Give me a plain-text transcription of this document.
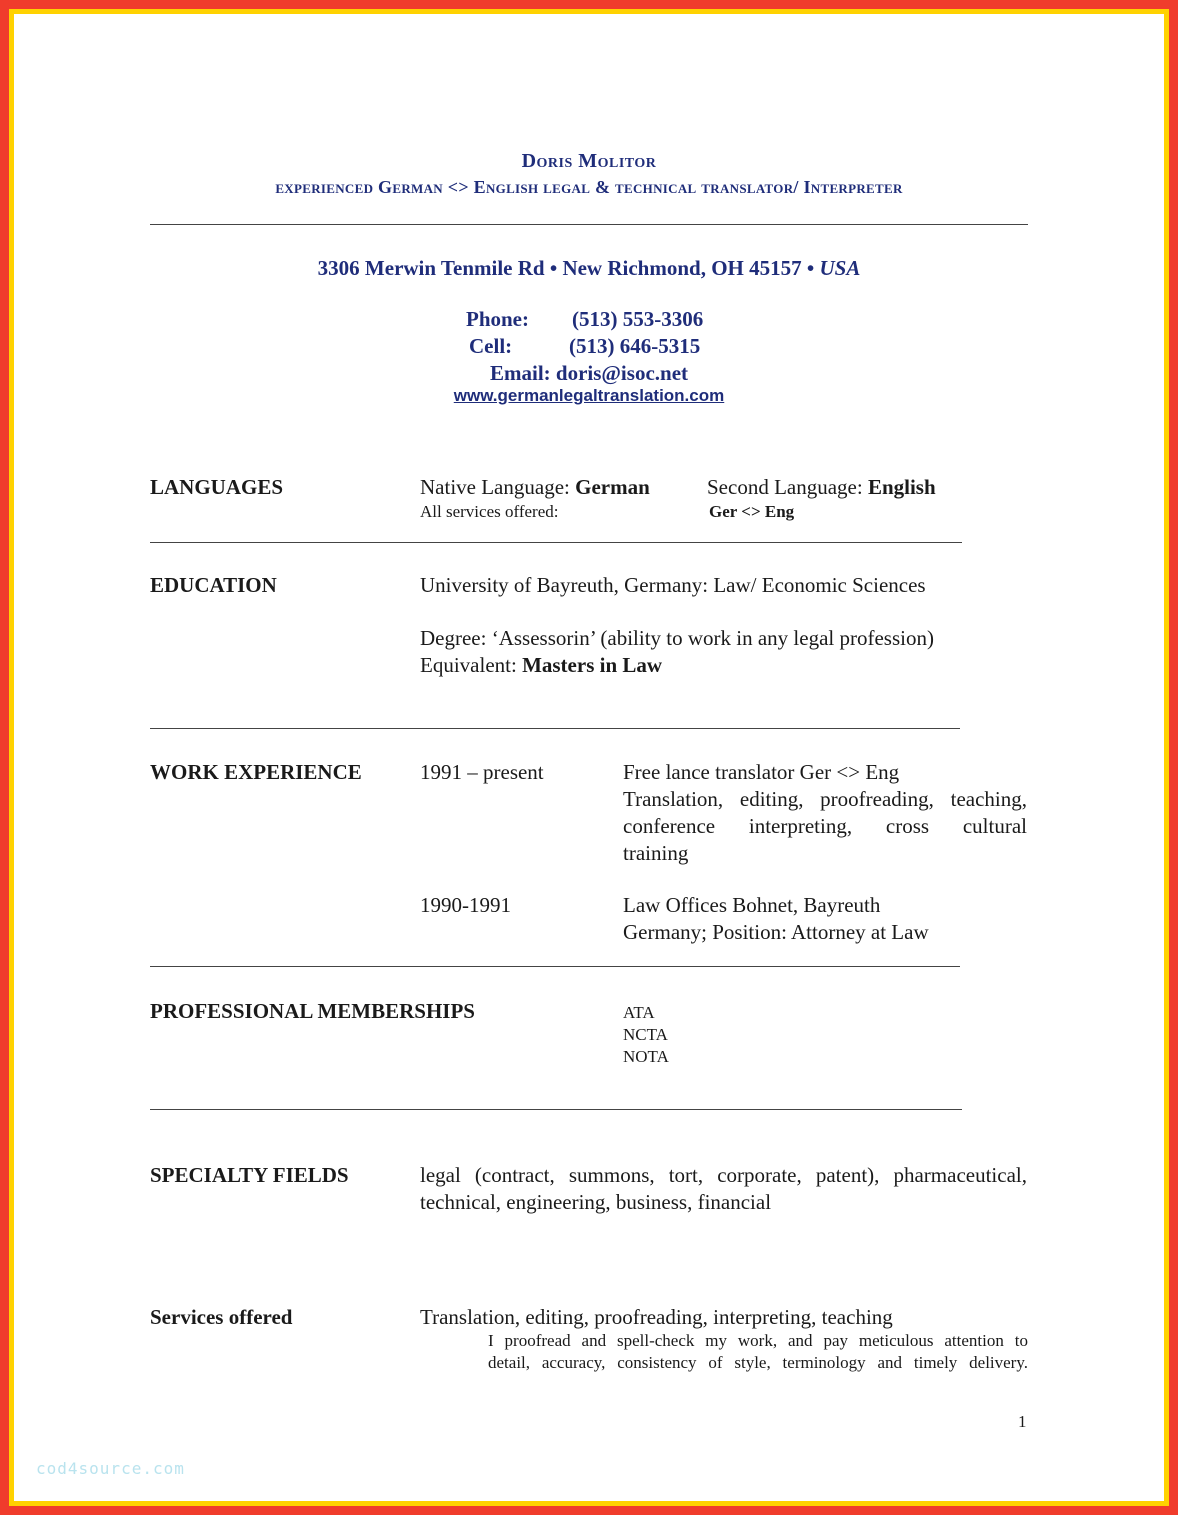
Doris Molitor
experienced German <> English legal & technical translator/ Interpreter
3306 Merwin Tenmile Rd • New Richmond, OH 45157 • USA
Phone: (513) 553-3306
Cell:	(513) 646-5315
Email: doris@isoc.net
www.germanlegaltranslation.com
LANGUAGES	Native Language: German	Second Language: English
All services offered:	Ger <> Eng
EDUCATION	University of Bayreuth, Germany: Law/ Economic Sciences
Degree: ‘Assessorin’ (ability to work in any legal profession)
Equivalent: Masters in Law
WORK EXPERIENCE	1991 – present	Free lance translator Ger <> Eng
Translation, editing, proofreading, teaching,
conference interpreting, cross cultural
training
1990-1991	Law Offices Bohnet, Bayreuth
Germany; Position: Attorney at Law
PROFESSIONAL MEMBERSHIPS	ATA
NCTA
NOTA
SPECIALTY FIELDS	legal (contract, summons, tort, corporate, patent), pharmaceutical,
technical, engineering, business, financial
Services offered	Translation, editing, proofreading, interpreting, teaching
I proofread and spell-check my work, and pay meticulous attention to
detail, accuracy, consistency of style, terminology and timely delivery.
1
cod4source.com
